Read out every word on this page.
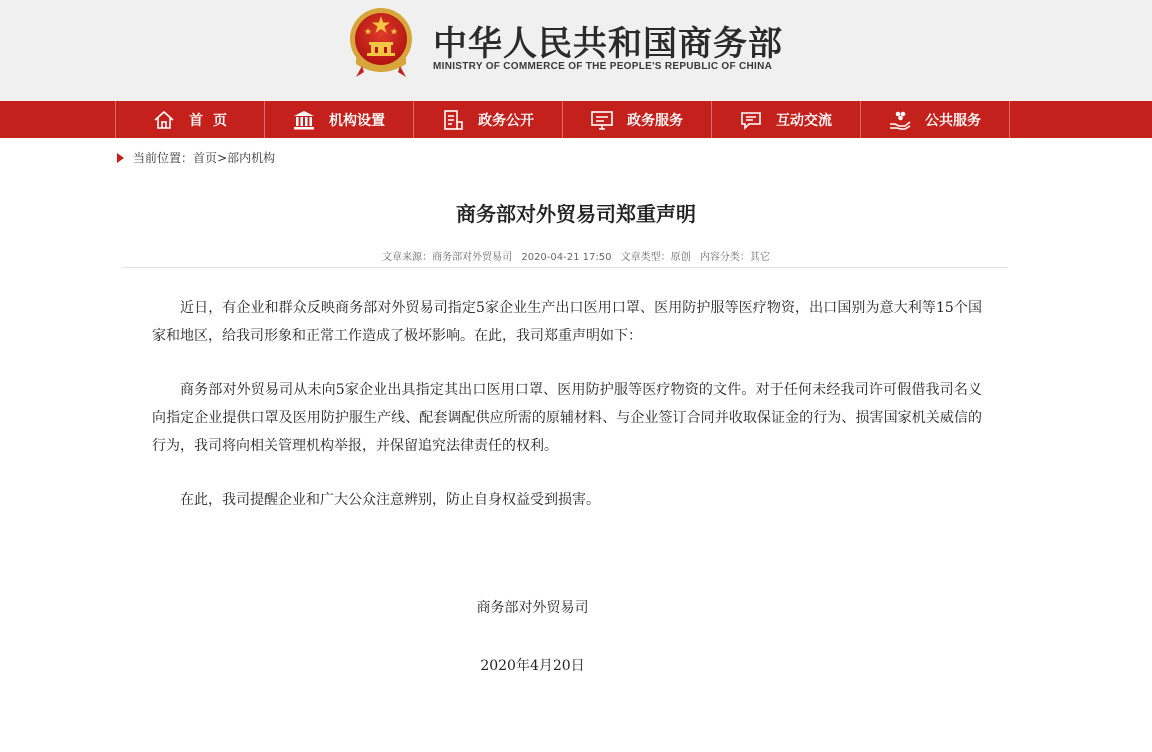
中华人民共和国商务部
MINISTRY OF COMMERCE OF THE PEOPLE'S REPUBLIC OF CHINA
首页	机构设置	政务公开	政务服务	互动交流	公共服务
当前位置： 首页 > 部内机构
商务部对外贸易司郑重声明
文章来源：商务部对外贸易司 2020-04-21 17:50 文章类型：原创 内容分类：其它

近日，有企业和群众反映商务部对外贸易司指定5家企业生产出口医用口罩、医用防护服等医疗物资，出口国别为意大利等15个国家和地区，给我司形象和正常工作造成了极坏影响。在此，我司郑重声明如下：

商务部对外贸易司从未向5家企业出具指定其出口医用口罩、医用防护服等医疗物资的文件。对于任何未经我司许可假借我司名义向指定企业提供口罩及医用防护服生产线、配套调配供应所需的原辅材料、与企业签订合同并收取保证金的行为、损害国家机关威信的行为，我司将向相关管理机构举报，并保留追究法律责任的权利。

在此，我司提醒企业和广大公众注意辨别，防止自身权益受到损害。

商务部对外贸易司
2020年4月20日
